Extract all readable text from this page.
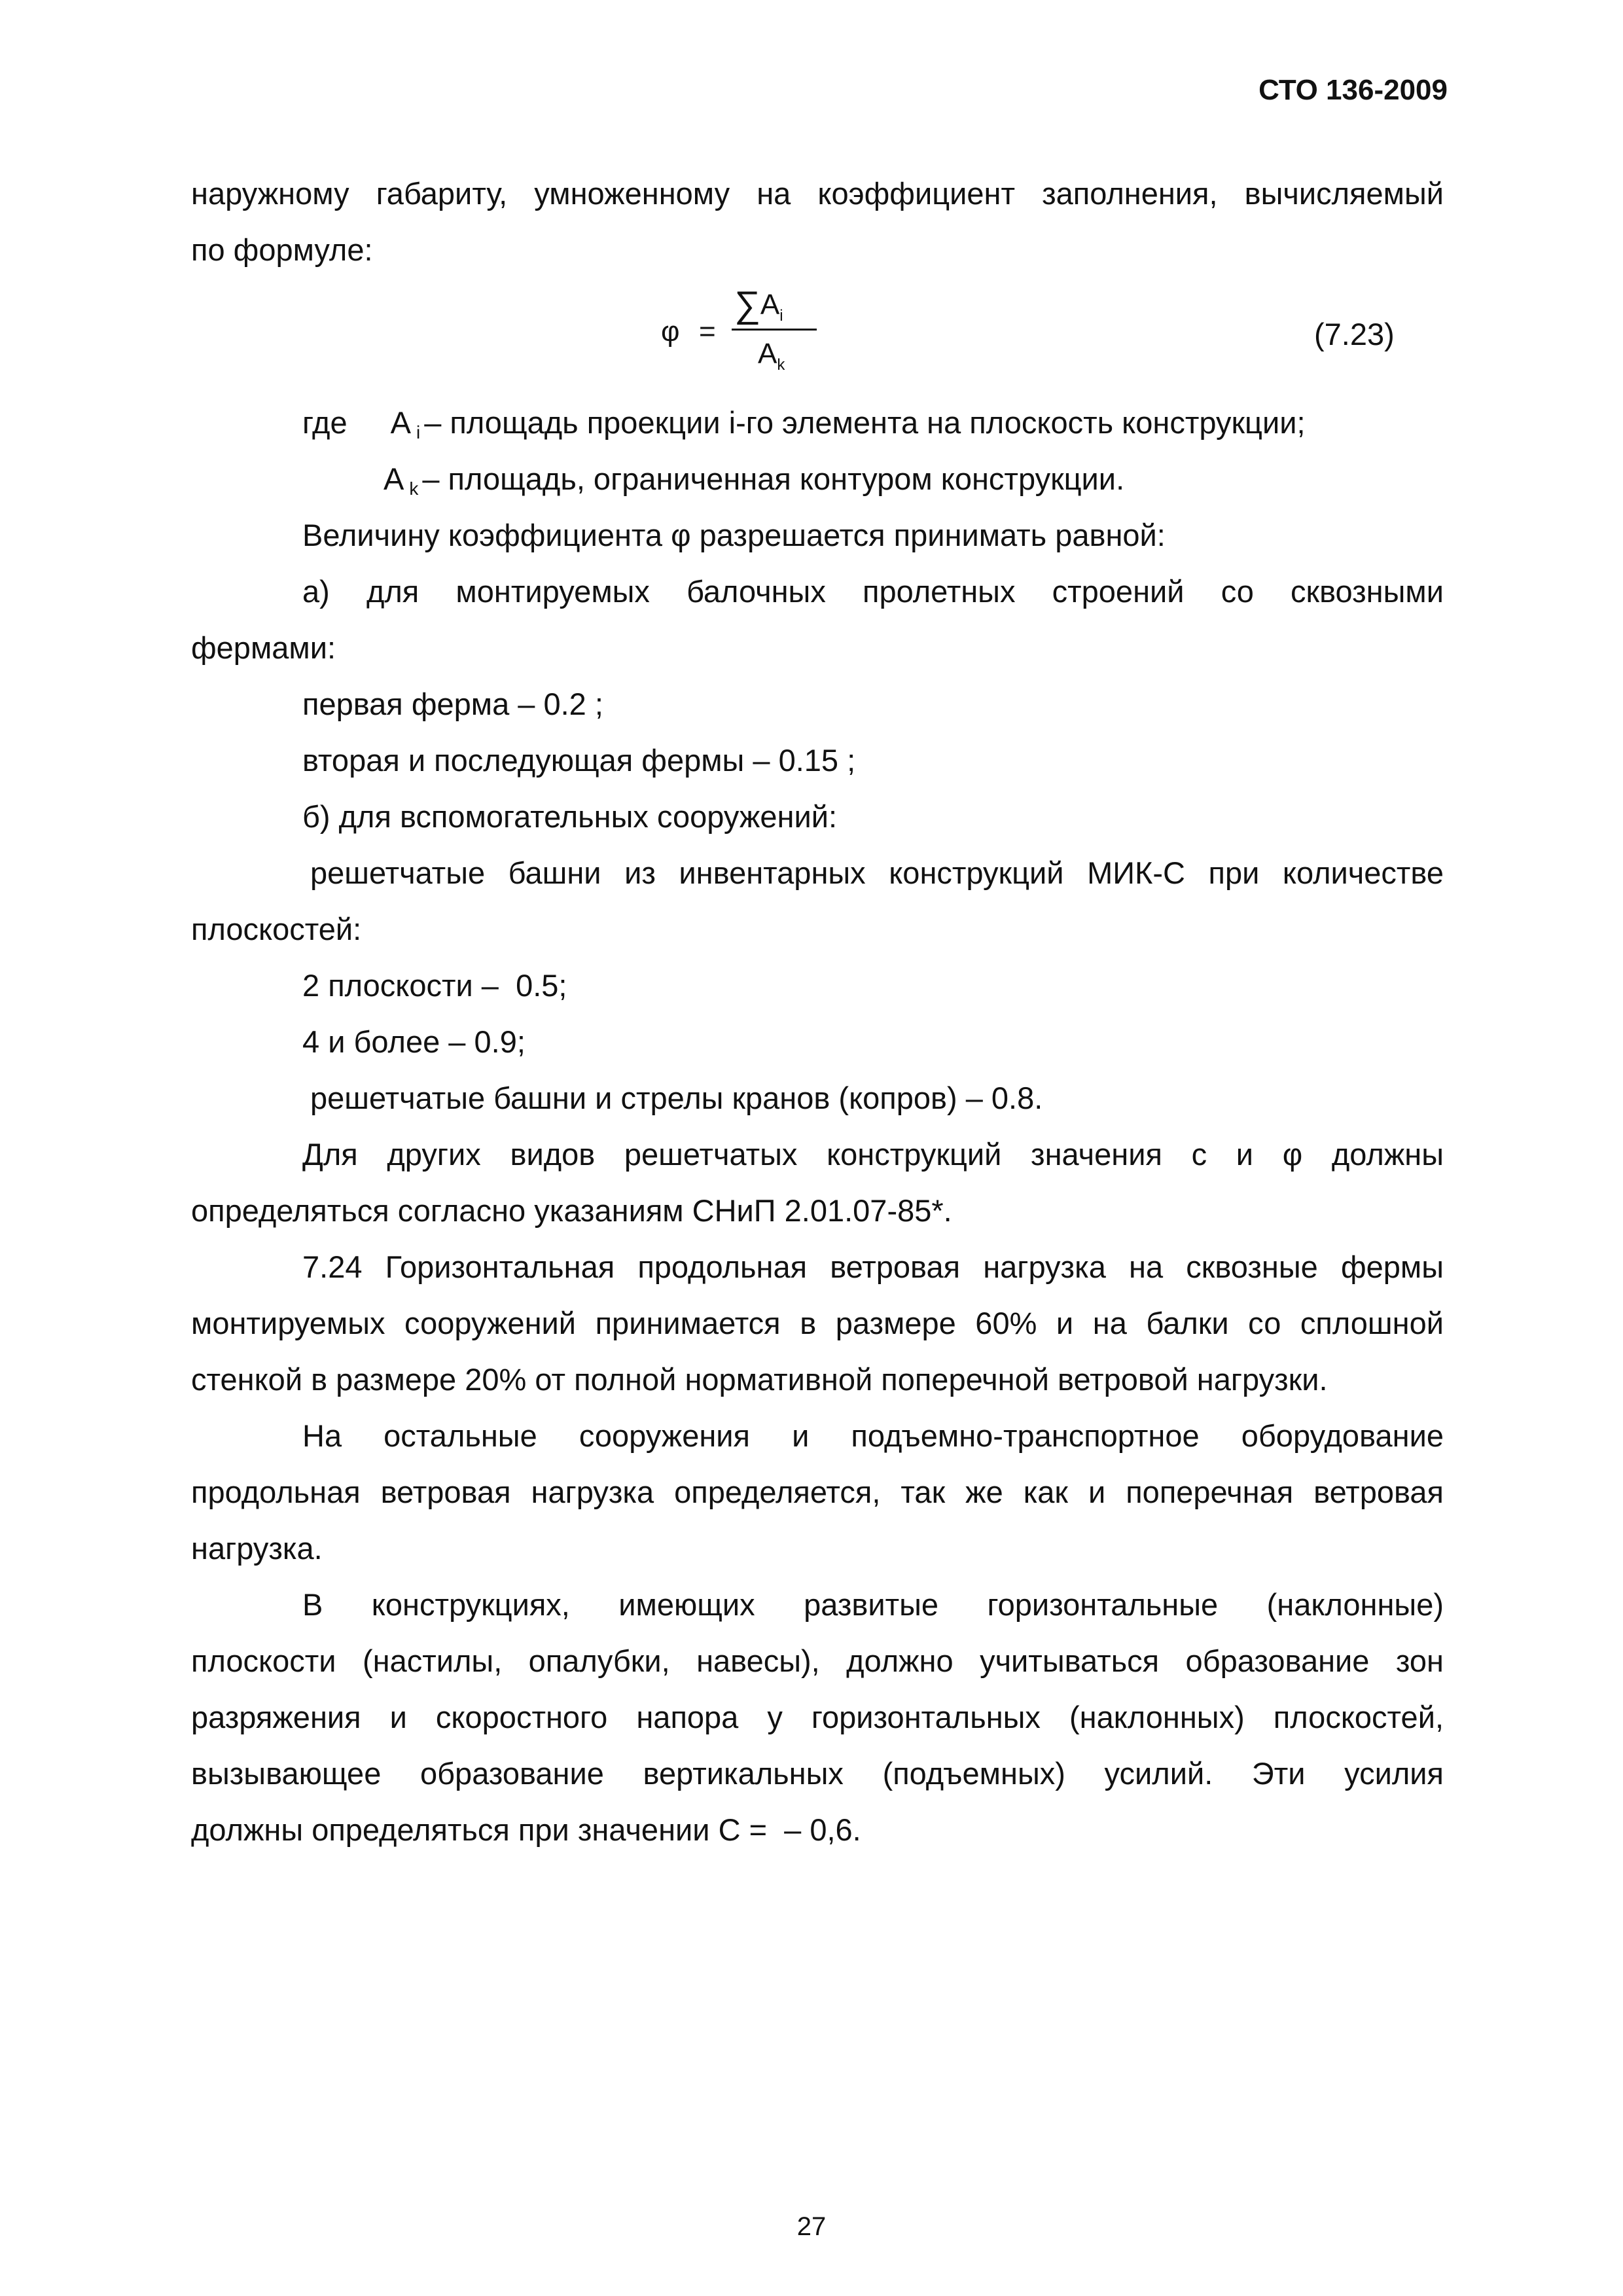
СТО 136-2009
наружному габариту, умноженному на коэффициент заполнения, вычисляемый
по формуле:
φ =
$\sum A_i$
$A_k$
(7.23)
где A $_i$ – площадь проекции i-го элемента на плоскость конструкции;
A $_k$ – площадь, ограниченная контуром конструкции.
Величину коэффициента φ разрешается принимать равной:
а) для монтируемых балочных пролетных строений со сквозными
фермами:
первая ферма – 0.2 ;
вторая и последующая фермы – 0.15 ;
б) для вспомогательных сооружений:
решетчатые башни из инвентарных конструкций МИК-С при количестве
плоскостей:
2 плоскости –  0.5;
4 и более – 0.9;
решетчатые башни и стрелы кранов (копров) – 0.8.
Для других видов решетчатых конструкций значения с и φ должны
определяться согласно указаниям СНиП 2.01.07-85*.
7.24 Горизонтальная продольная ветровая нагрузка на сквозные фермы
монтируемых сооружений принимается в размере 60% и на балки со сплошной
стенкой в размере 20% от полной нормативной поперечной ветровой нагрузки.
На остальные сооружения и подъемно-транспортное оборудование
продольная ветровая нагрузка определяется, так же как и поперечная ветровая
нагрузка.
В конструкциях, имеющих развитые горизонтальные (наклонные)
плоскости (настилы, опалубки, навесы), должно учитываться образование зон
разряжения и скоростного напора у горизонтальных (наклонных) плоскостей,
вызывающее образование вертикальных (подъемных) усилий. Эти усилия
должны определяться при значении С =  – 0,6.
27
